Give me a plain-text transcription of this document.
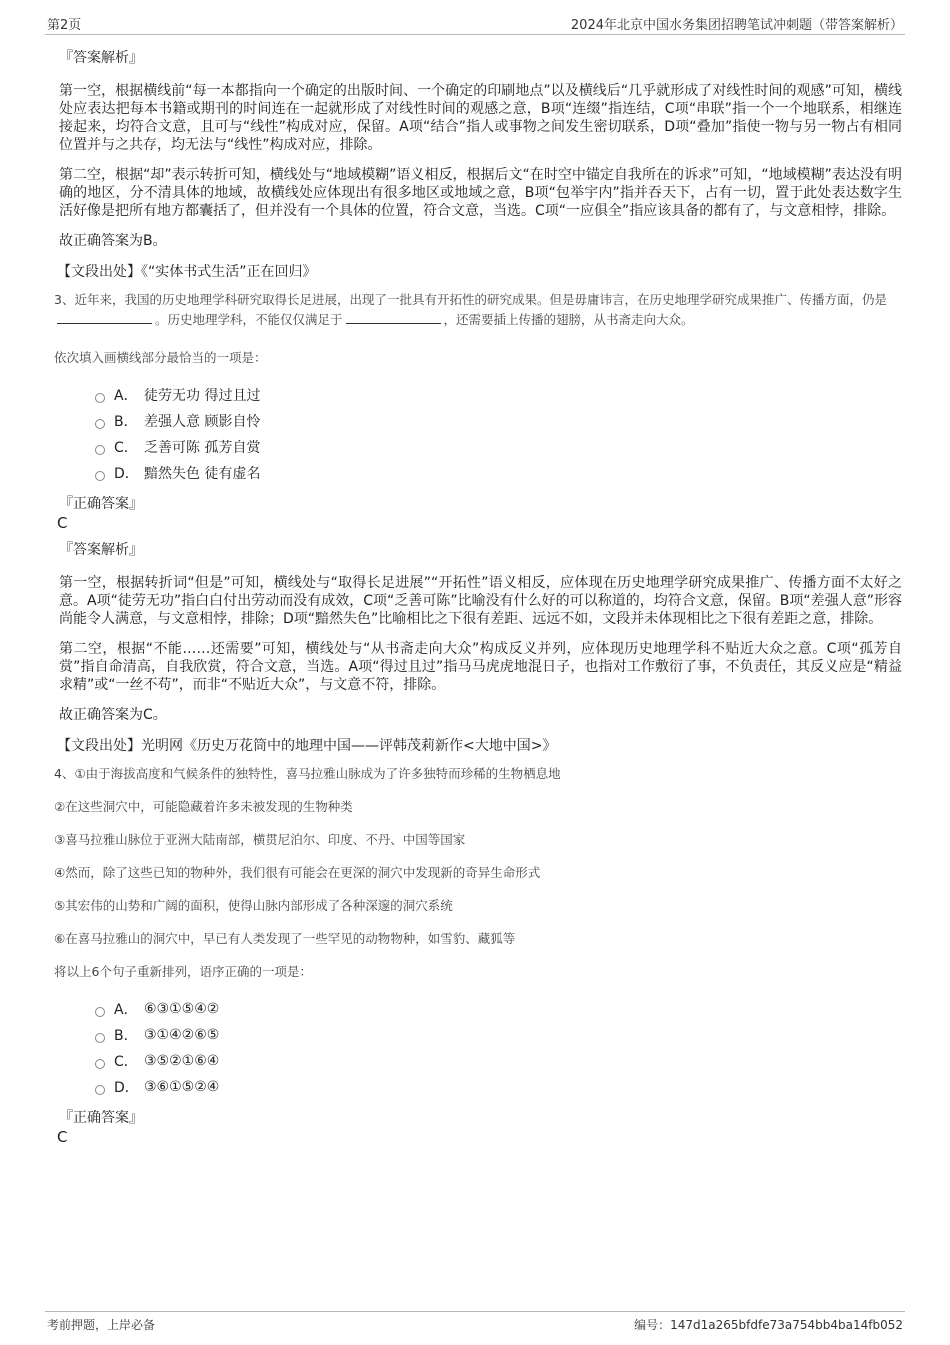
第2页	2024年北京中国水务集团招聘笔试冲刺题（带答案解析）
『答案解析』

第一空，根据横线前“每一本都指向一个确定的出版时间、一个确定的印刷地点”以及横线后“几乎就形成了对线性时间的观感”可知，横线处应表达把每本书籍或期刊的时间连在一起就形成了对线性时间的观感之意，B项“连缀”指连结，C项“串联”指一个一个地联系，相继连接起来，均符合文意，且可与“线性”构成对应，保留。A项“结合”指人或事物之间发生密切联系，D项“叠加”指使一物与另一物占有相同位置并与之共存，均无法与“线性”构成对应，排除。

第二空，根据“却”表示转折可知，横线处与“地域模糊”语义相反，根据后文“在时空中锚定自我所在的诉求”可知，“地域模糊”表达没有明确的地区，分不清具体的地域，故横线处应体现出有很多地区或地域之意，B项“包举宇内”指并吞天下，占有一切，置于此处表达数字生活好像是把所有地方都囊括了，但并没有一个具体的位置，符合文意，当选。C项“一应俱全”指应该具备的都有了，与文意相悖，排除。

故正确答案为B。

【文段出处】《“实体书式生活”正在回归》
3、近年来，我国的历史地理学科研究取得长足进展，出现了一批具有开拓性的研究成果。但是毋庸讳言，在历史地理学研究成果推广、传播方面，仍是。历史地理学科，不能仅仅满足于	，还需要插上传播的翅膀，从书斋走向大众。
依次填入画横线部分最恰当的一项是：
A． 徒劳无功 得过且过
B． 差强人意 顾影自怜
C． 乏善可陈 孤芳自赏
D． 黯然失色 徒有虚名
『正确答案』
C
『答案解析』

第一空，根据转折词“但是”可知，横线处与“取得长足进展”“开拓性”语义相反，应体现在历史地理学研究成果推广、传播方面不太好之意。A项“徒劳无功”指白白付出劳动而没有成效，C项“乏善可陈”比喻没有什么好的可以称道的，均符合文意，保留。B项“差强人意”形容尚能令人满意，与文意相悖，排除；D项“黯然失色”比喻相比之下很有差距、远远不如，文段并未体现相比之下很有差距之意，排除。

第二空，根据“不能……还需要”可知，横线处与“从书斋走向大众”构成反义并列，应体现历史地理学科不贴近大众之意。C项“孤芳自赏”指自命清高，自我欣赏，符合文意，当选。A项“得过且过”指马马虎虎地混日子，也指对工作敷衍了事，不负责任，其反义应是“精益求精”或“一丝不苟”，而非“不贴近大众”，与文意不符，排除。

故正确答案为C。

【文段出处】光明网《历史万花筒中的地理中国——评韩茂莉新作<大地中国>》
4、①由于海拔高度和气候条件的独特性，喜马拉雅山脉成为了许多独特而珍稀的生物栖息地
②在这些洞穴中，可能隐藏着许多未被发现的生物种类
③喜马拉雅山脉位于亚洲大陆南部，横贯尼泊尔、印度、不丹、中国等国家
④然而，除了这些已知的物种外，我们很有可能会在更深的洞穴中发现新的奇异生命形式
⑤其宏伟的山势和广阔的面积，使得山脉内部形成了各种深邃的洞穴系统
⑥在喜马拉雅山的洞穴中，早已有人类发现了一些罕见的动物物种，如雪豹、藏狐等
将以上6个句子重新排列，语序正确的一项是：
A． ⑥③①⑤④②
B． ③①④②⑥⑤
C． ③⑤②①⑥④
D． ③⑥①⑤②④
『正确答案』
C
考前押题，上岸必备	编号：147d1a265bfdfe73a754bb4ba14fb052
